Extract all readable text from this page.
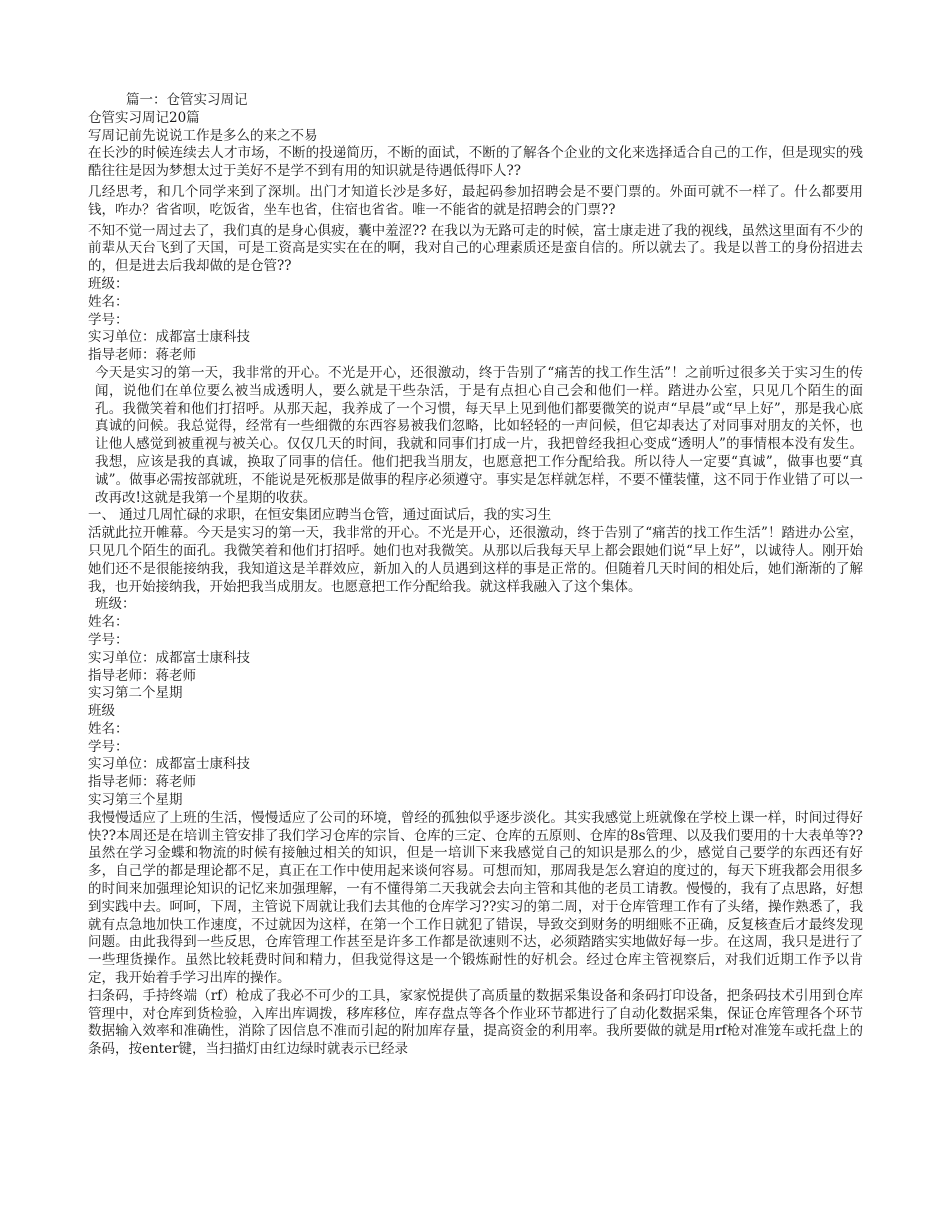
篇一：仓管实习周记

仓管实习周记20篇

写周记前先说说工作是多么的来之不易

在长沙的时候连续去人才市场，不断的投递简历，不断的面试，不断的了解各个企业的文化来选择适合自己的工作，但是现实的残酷往往是因为梦想太过于美好不是学不到有用的知识就是待遇低得吓人??

几经思考，和几个同学来到了深圳。出门才知道长沙是多好，最起码参加招聘会是不要门票的。外面可就不一样了。什么都要用钱，咋办？省省呗，吃饭省，坐车也省，住宿也省省。唯一不能省的就是招聘会的门票??

不知不觉一周过去了，我们真的是身心俱疲，囊中羞涩?? 在我以为无路可走的时候，富士康走进了我的视线，虽然这里面有不少的前辈从天台飞到了天国，可是工资高是实实在在的啊，我对自己的心理素质还是蛮自信的。所以就去了。我是以普工的身份招进去的，但是进去后我却做的是仓管??

班级：

姓名：

学号：

实习单位：成都富士康科技

指导老师：蒋老师

今天是实习的第一天，我非常的开心。不光是开心，还很激动，终于告别了“痛苦的找工作生活”！之前听过很多关于实习生的传闻，说他们在单位要么被当成透明人，要么就是干些杂活，于是有点担心自己会和他们一样。踏进办公室，只见几个陌生的面孔。我微笑着和他们打招呼。从那天起，我养成了一个习惯，每天早上见到他们都要微笑的说声“早晨”或“早上好”，那是我心底真诚的问候。我总觉得，经常有一些细微的东西容易被我们忽略，比如轻轻的一声问候，但它却表达了对同事对朋友的关怀，也让他人感觉到被重视与被关心。仅仅几天的时间，我就和同事们打成一片，我把曾经我担心变成“透明人”的事情根本没有发生。我想，应该是我的真诚，换取了同事的信任。他们把我当朋友，也愿意把工作分配给我。所以待人一定要“真诚”，做事也要“真诚”。做事必需按部就班，不能说是死板那是做事的程序必须遵守。事实是怎样就怎样，不要不懂装懂，这不同于作业错了可以一改再改!这就是我第一个星期的收获。

一、 通过几周忙碌的求职，在恒安集团应聘当仓管，通过面试后，我的实习生

活就此拉开帷幕。今天是实习的第一天，我非常的开心。不光是开心，还很激动，终于告别了“痛苦的找工作生活”！踏进办公室，只见几个陌生的面孔。我微笑着和他们打招呼。她们也对我微笑。从那以后我每天早上都会跟她们说“早上好”，以诚待人。刚开始她们还不是很能接纳我，我知道这是羊群效应，新加入的人员遇到这样的事是正常的。但随着几天时间的相处后，她们渐渐的了解我，也开始接纳我，开始把我当成朋友。也愿意把工作分配给我。就这样我融入了这个集体。

班级：

姓名：

学号：

实习单位：成都富士康科技

指导老师：蒋老师

实习第二个星期

班级

姓名：

学号：

实习单位：成都富士康科技

指导老师：蒋老师

实习第三个星期

我慢慢适应了上班的生活，慢慢适应了公司的环境，曾经的孤独似乎逐步淡化。其实我感觉上班就像在学校上课一样，时间过得好快??本周还是在培训主管安排了我们学习仓库的宗旨、仓库的三定、仓库的五原则、仓库的8s管理、以及我们要用的十大表单等??虽然在学习金蝶和物流的时候有接触过相关的知识，但是一培训下来我感觉自己的知识是那么的少，感觉自己要学的东西还有好多，自己学的都是理论都不足，真正在工作中使用起来谈何容易。可想而知，那周我是怎么窘迫的度过的，每天下班我都会用很多的时间来加强理论知识的记忆来加强理解，一有不懂得第二天我就会去向主管和其他的老员工请教。慢慢的，我有了点思路，好想到实践中去。呵呵，下周，主管说下周就让我们去其他的仓库学习??实习的第二周，对于仓库管理工作有了头绪，操作熟悉了，我就有点急地加快工作速度，不过就因为这样，在第一个工作日就犯了错误，导致交到财务的明细账不正确，反复核查后才最终发现问题。由此我得到一些反思，仓库管理工作甚至是许多工作都是欲速则不达，必须踏踏实实地做好每一步。在这周，我只是进行了一些理货操作。虽然比较耗费时间和精力，但我觉得这是一个锻炼耐性的好机会。经过仓库主管视察后，对我们近期工作予以肯定，我开始着手学习出库的操作。

扫条码，手持终端（rf）枪成了我必不可少的工具，家家悦提供了高质量的数据采集设备和条码打印设备，把条码技术引用到仓库管理中，对仓库到货检验，入库出库调拨，移库移位，库存盘点等各个作业环节都进行了自动化数据采集，保证仓库管理各个环节数据输入效率和准确性，消除了因信息不准而引起的附加库存量，提高资金的利用率。我所要做的就是用rf枪对准笼车或托盘上的条码，按enter键，当扫描灯由红边绿时就表示已经录
